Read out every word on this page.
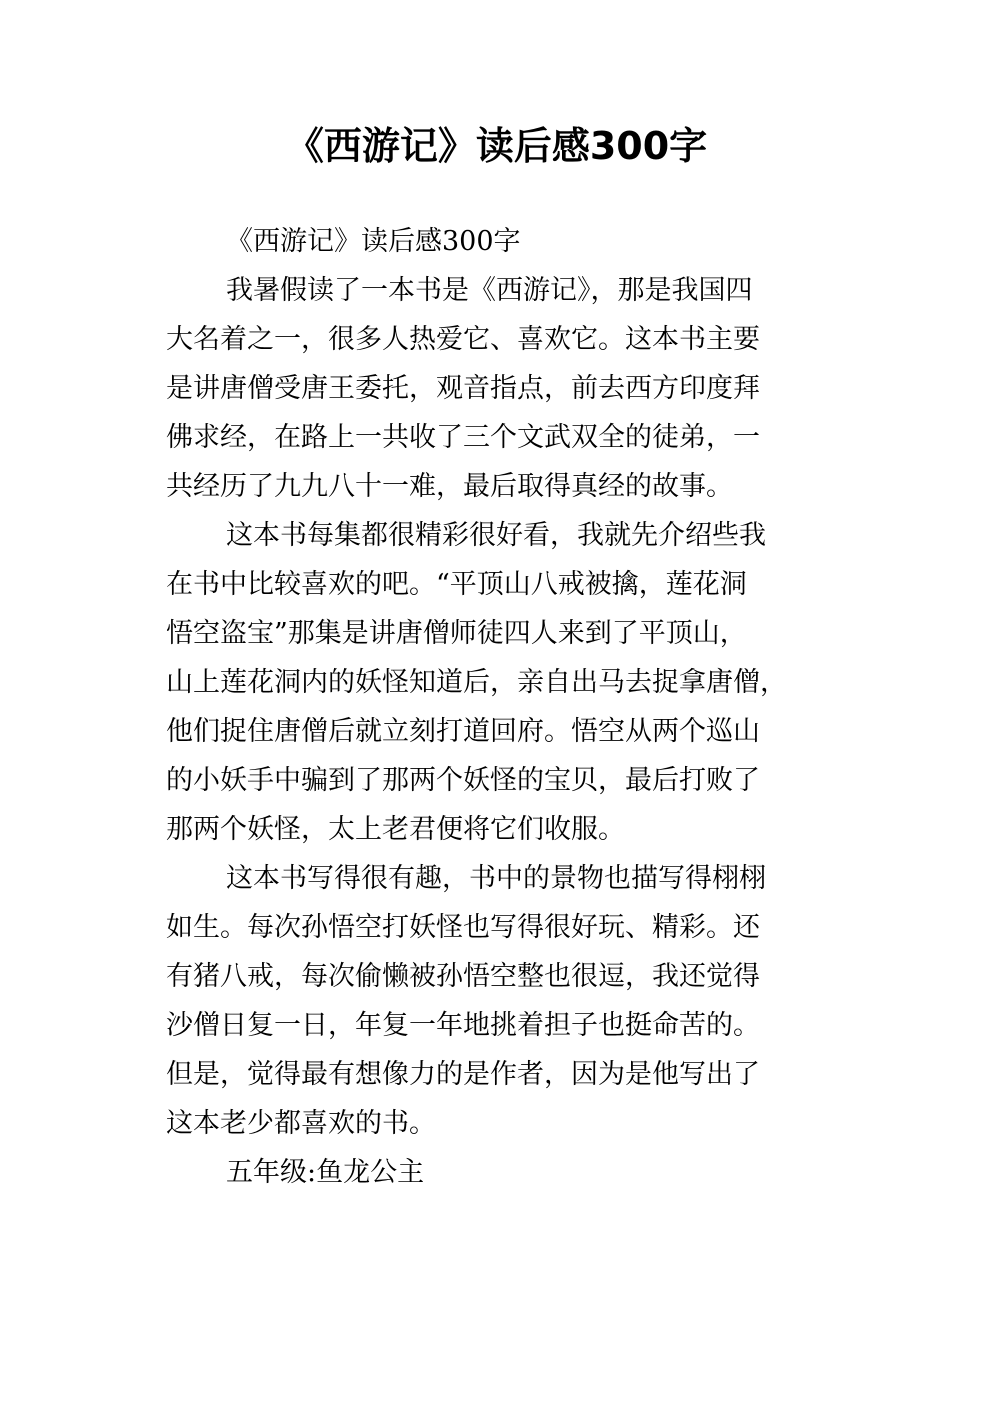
《西游记》读后感300字

《西游记》读后感300字

我暑假读了一本书是《西游记》，那是我国四
大名着之一，很多人热爱它、喜欢它。这本书主要
是讲唐僧受唐王委托，观音指点，前去西方印度拜
佛求经，在路上一共收了三个文武双全的徒弟，一
共经历了九九八十一难，最后取得真经的故事。

这本书每集都很精彩很好看，我就先介绍些我
在书中比较喜欢的吧。“平顶山八戒被擒，莲花洞
悟空盗宝”那集是讲唐僧师徒四人来到了平顶山，
山上莲花洞内的妖怪知道后，亲自出马去捉拿唐僧，
他们捉住唐僧后就立刻打道回府。悟空从两个巡山
的小妖手中骗到了那两个妖怪的宝贝，最后打败了
那两个妖怪，太上老君便将它们收服。

这本书写得很有趣，书中的景物也描写得栩栩
如生。每次孙悟空打妖怪也写得很好玩、精彩。还
有猪八戒，每次偷懒被孙悟空整也很逗，我还觉得
沙僧日复一日，年复一年地挑着担子也挺命苦的。
但是，觉得最有想像力的是作者，因为是他写出了
这本老少都喜欢的书。

五年级:鱼龙公主
